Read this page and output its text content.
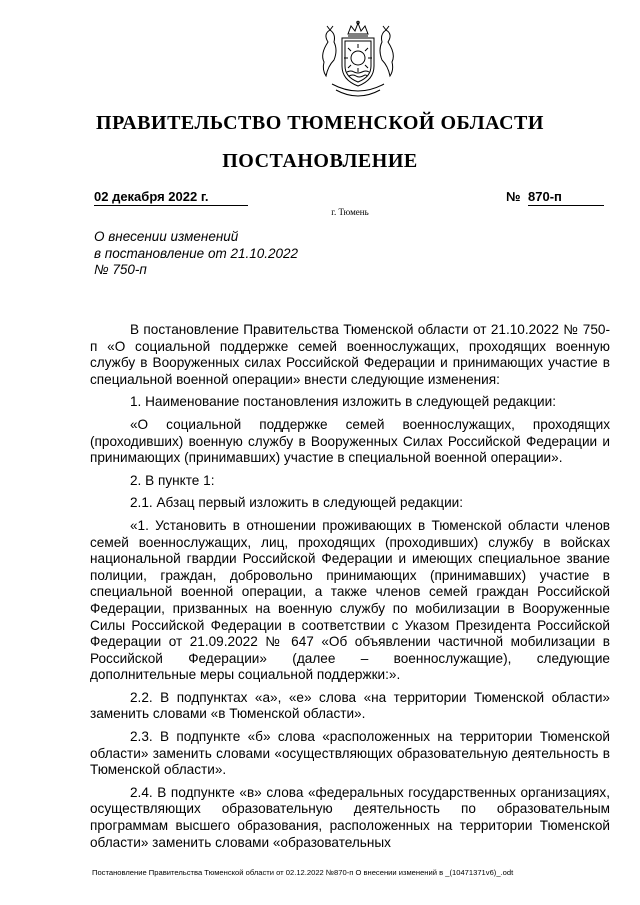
ПРАВИТЕЛЬСТВО ТЮМЕНСКОЙ ОБЛАСТИ
ПОСТАНОВЛЕНИЕ
02 декабря 2022 г.	№ 870-п
г. Тюмень
О внесении изменений
в постановление от 21.10.2022
№ 750-п

В постановление Правительства Тюменской области от 21.10.2022 № 750-п «О социальной поддержке семей военнослужащих, проходящих военную службу в Вооруженных силах Российской Федерации и принимающих участие в специальной военной операции» внести следующие изменения:

1. Наименование постановления изложить в следующей редакции:

«О социальной поддержке семей военнослужащих, проходящих (проходивших) военную службу в Вооруженных Силах Российской Федерации и принимающих (принимавших) участие в специальной военной операции».

2. В пункте 1:

2.1. Абзац первый изложить в следующей редакции:

«1. Установить в отношении проживающих в Тюменской области членов семей военнослужащих, лиц, проходящих (проходивших) службу в войсках национальной гвардии Российской Федерации и имеющих специальное звание полиции, граждан, добровольно принимающих (принимавших) участие в специальной военной операции, а также членов семей граждан Российской Федерации, призванных на военную службу по мобилизации в Вооруженные Силы Российской Федерации в соответствии с Указом Президента Российской Федерации от 21.09.2022 № 647 «Об объявлении частичной мобилизации в Российской Федерации» (далее – военнослужащие), следующие дополнительные меры социальной поддержки:».

2.2. В подпунктах «а», «е» слова «на территории Тюменской области» заменить словами «в Тюменской области».

2.3. В подпункте «б» слова «расположенных на территории Тюменской области» заменить словами «осуществляющих образовательную деятельность в Тюменской области».

2.4. В подпункте «в» слова «федеральных государственных организациях, осуществляющих образовательную деятельность по образовательным программам высшего образования, расположенных на территории Тюменской области» заменить словами «образовательных

Постановление Правительства Тюменской области от 02.12.2022 №870-п О внесении изменений в _(10471371v6)_.odt
